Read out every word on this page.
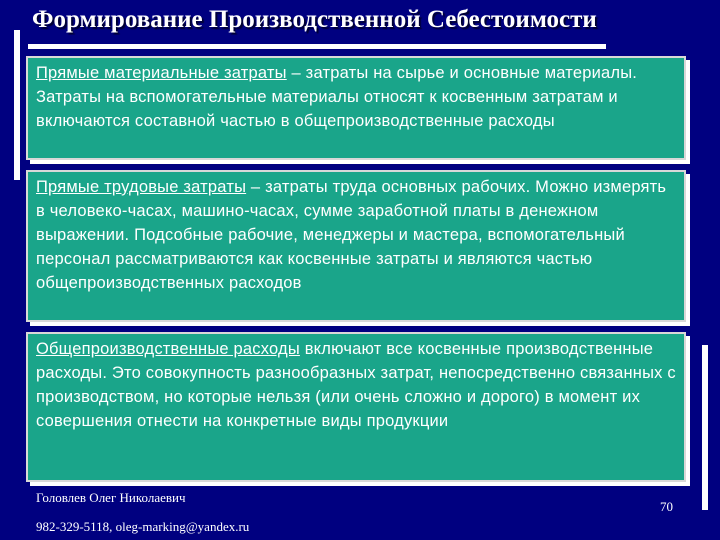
Формирование Производственной Себестоимости
Прямые материальные затраты – затраты на сырье и основные материалы. Затраты на вспомогательные материалы относят к косвенным затратам и включаются составной частью в общепроизводственные расходы
Прямые трудовые затраты – затраты труда основных рабочих. Можно измерять в человеко-часах, машино-часах, сумме заработной платы в денежном выражении. Подсобные рабочие, менеджеры и мастера, вспомогательный персонал рассматриваются как косвенные затраты и являются частью общепроизводственных расходов
Общепроизводственные расходы включают все косвенные производственные расходы. Это совокупность разнообразных затрат, непосредственно связанных с производством, но которые нельзя (или очень сложно и дорого) в момент их совершения отнести на конкретные виды продукции
Головлев Олег Николаевич
982-329-5118, oleg-marking@yandex.ru
70
